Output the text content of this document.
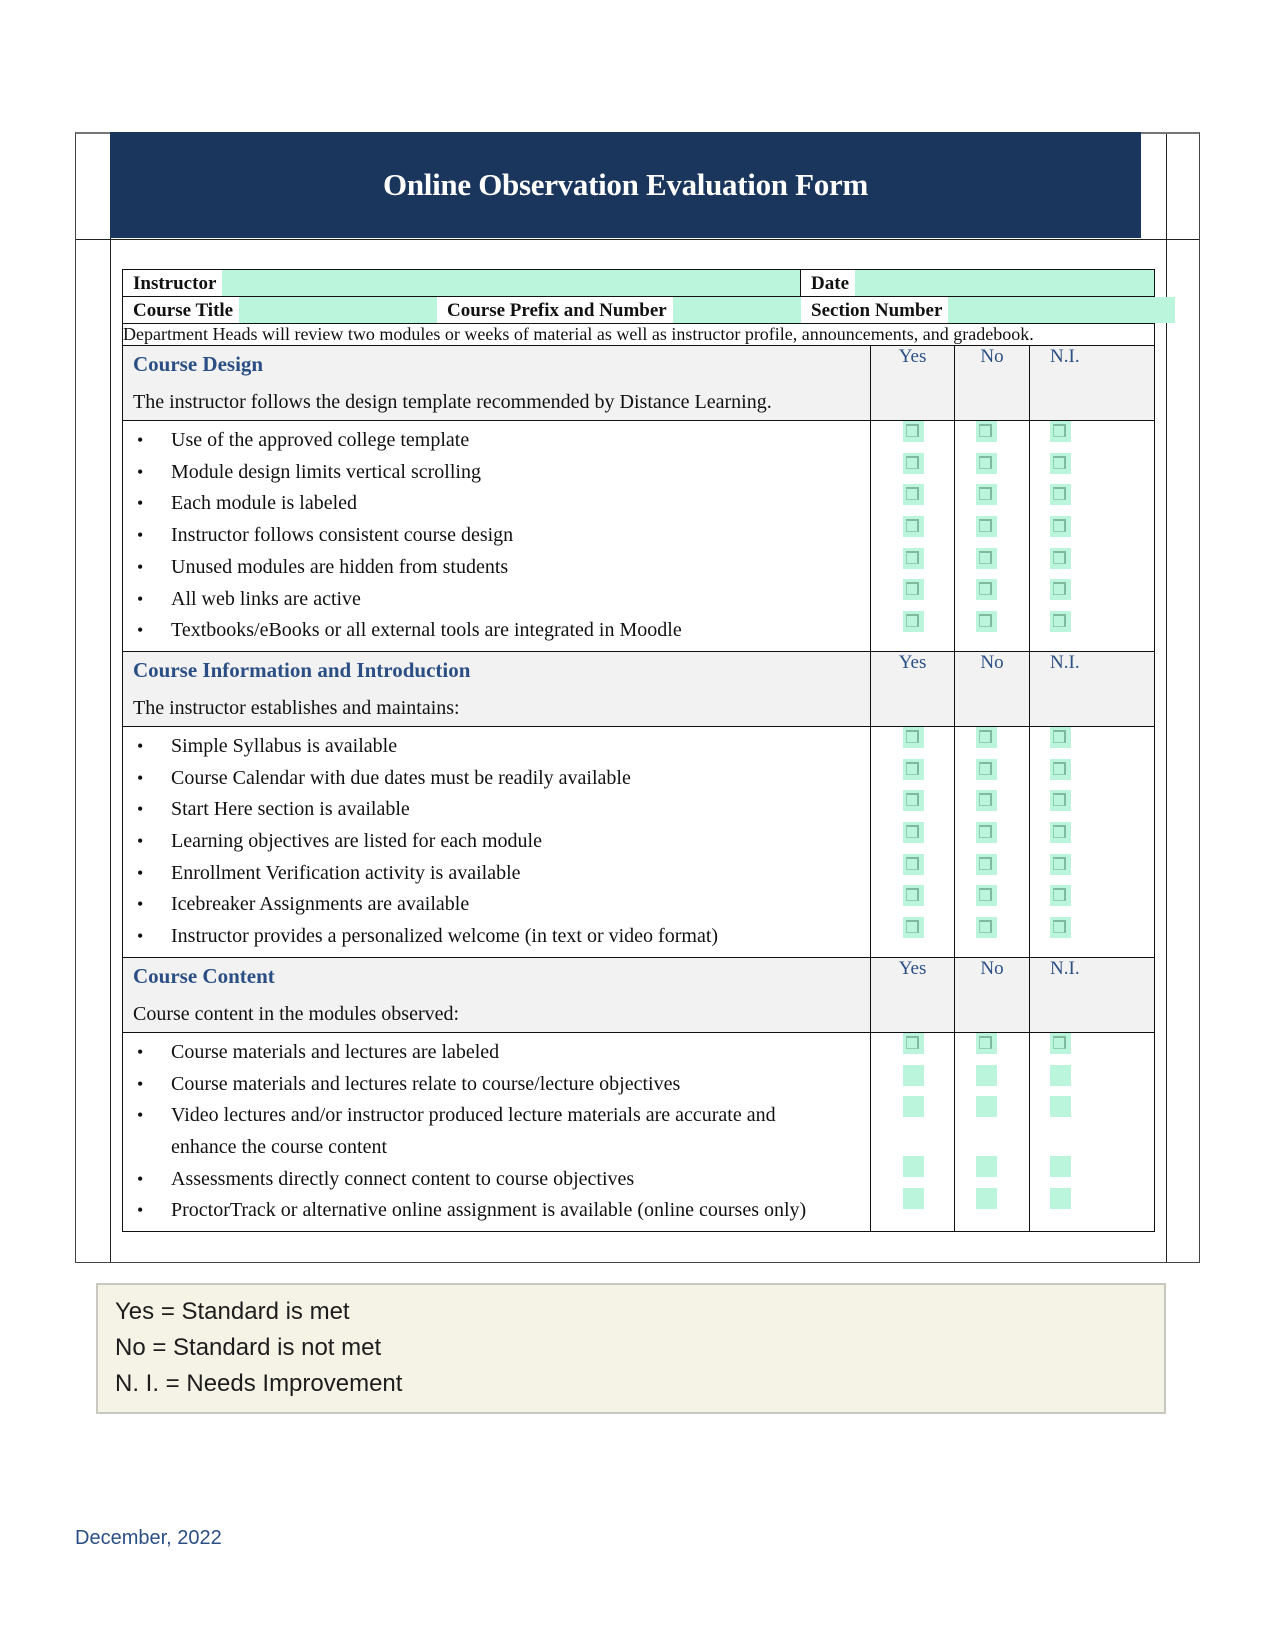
Online Observation Evaluation Form
Instructor		Date			

Course Title	Course Prefix and Number	Section Number			

Department Heads will review two modules or weeks of material as well as instructor profile, announcements, and gradebook.					

Course Design
The instructor follows the design template recommended by Distance Learning.			Yes	No	N.I.

• Use of the approved college template
• Module design limits vertical scrolling
• Each module is labeled
• Instructor follows consistent course design
• Unused modules are hidden from students
• All web links are active
• Textbooks/eBooks or all external tools are integrated in Moodle

Course Information and Introduction
The instructor establishes and maintains:			Yes	No	N.I.

• Simple Syllabus is available
• Course Calendar with due dates must be readily available
• Start Here section is available
• Learning objectives are listed for each module
• Enrollment Verification activity is available
• Icebreaker Assignments are available
• Instructor provides a personalized welcome (in text or video format)

Course Content
Course content in the modules observed:			Yes	No	N.I.

• Course materials and lectures are labeled
• Course materials and lectures relate to course/lecture objectives
• Video lectures and/or instructor produced lecture materials are accurate and enhance the course content
• Assessments directly connect content to course objectives
• ProctorTrack or alternative online assignment is available (online courses only)

Yes = Standard is met
No = Standard is not met
N. I. = Needs Improvement
December, 2022
